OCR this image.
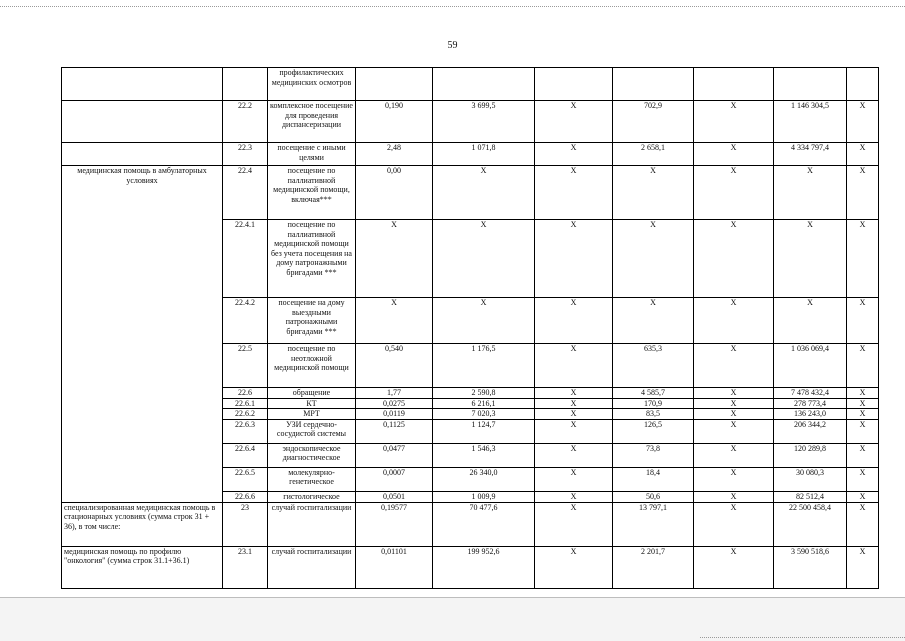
59
		профилактических медицинских осмотров							
	22.2	комплексное посещение для проведения диспансеризации	0,190	3 699,5	X	702,9	X	1 146 304,5	X
	22.3	посещение с иными целями	2,48	1 071,8	X	2 658,1	X	4 334 797,4	X
медицинская помощь в амбулаторных условиях	22.4	посещение по паллиативной медицинской помощи, включая***	0,00	X	X	X	X	X	X
	22.4.1	посещение по паллиативной медицинской помощи без учета посещения на дому патронажными бригадами ***	X	X	X	X	X	X	X
	22.4.2	посещение на дому выездными патронажными бригадами ***	X	X	X	X	X	X	X
	22.5	посещение по неотложной медицинской помощи	0,540	1 176,5	X	635,3	X	1 036 069,4	X
	22.6	обращение	1,77	2 590,8	X	4 585,7	X	7 478 432,4	X
	22.6.1	КТ	0,0275	6 216,1	X	170,9	X	278 773,4	X
	22.6.2	МРТ	0,0119	7 020,3	X	83,5	X	136 243,0	X
	22.6.3	УЗИ сердечно-сосудистой системы	0,1125	1 124,7	X	126,5	X	206 344,2	X
	22.6.4	эндоскопическое диагностическое	0,0477	1 546,3	X	73,8	X	120 289,8	X
	22.6.5	молекулярно-генетическое	0,0007	26 340,0	X	18,4	X	30 080,3	X
	22.6.6	гистологическое	0,0501	1 009,9	X	50,6	X	82 512,4	X
специализированная медицинская помощь в стационарных условиях (сумма строк 31 + 36), в том числе:	23	случай госпитализации	0,19577	70 477,6	X	13 797,1	X	22 500 458,4	X
медицинская помощь по профилю "онкология" (сумма строк 31.1+36.1)	23.1	случай госпитализации	0,01101	199 952,6	X	2 201,7	X	3 590 518,6	X
